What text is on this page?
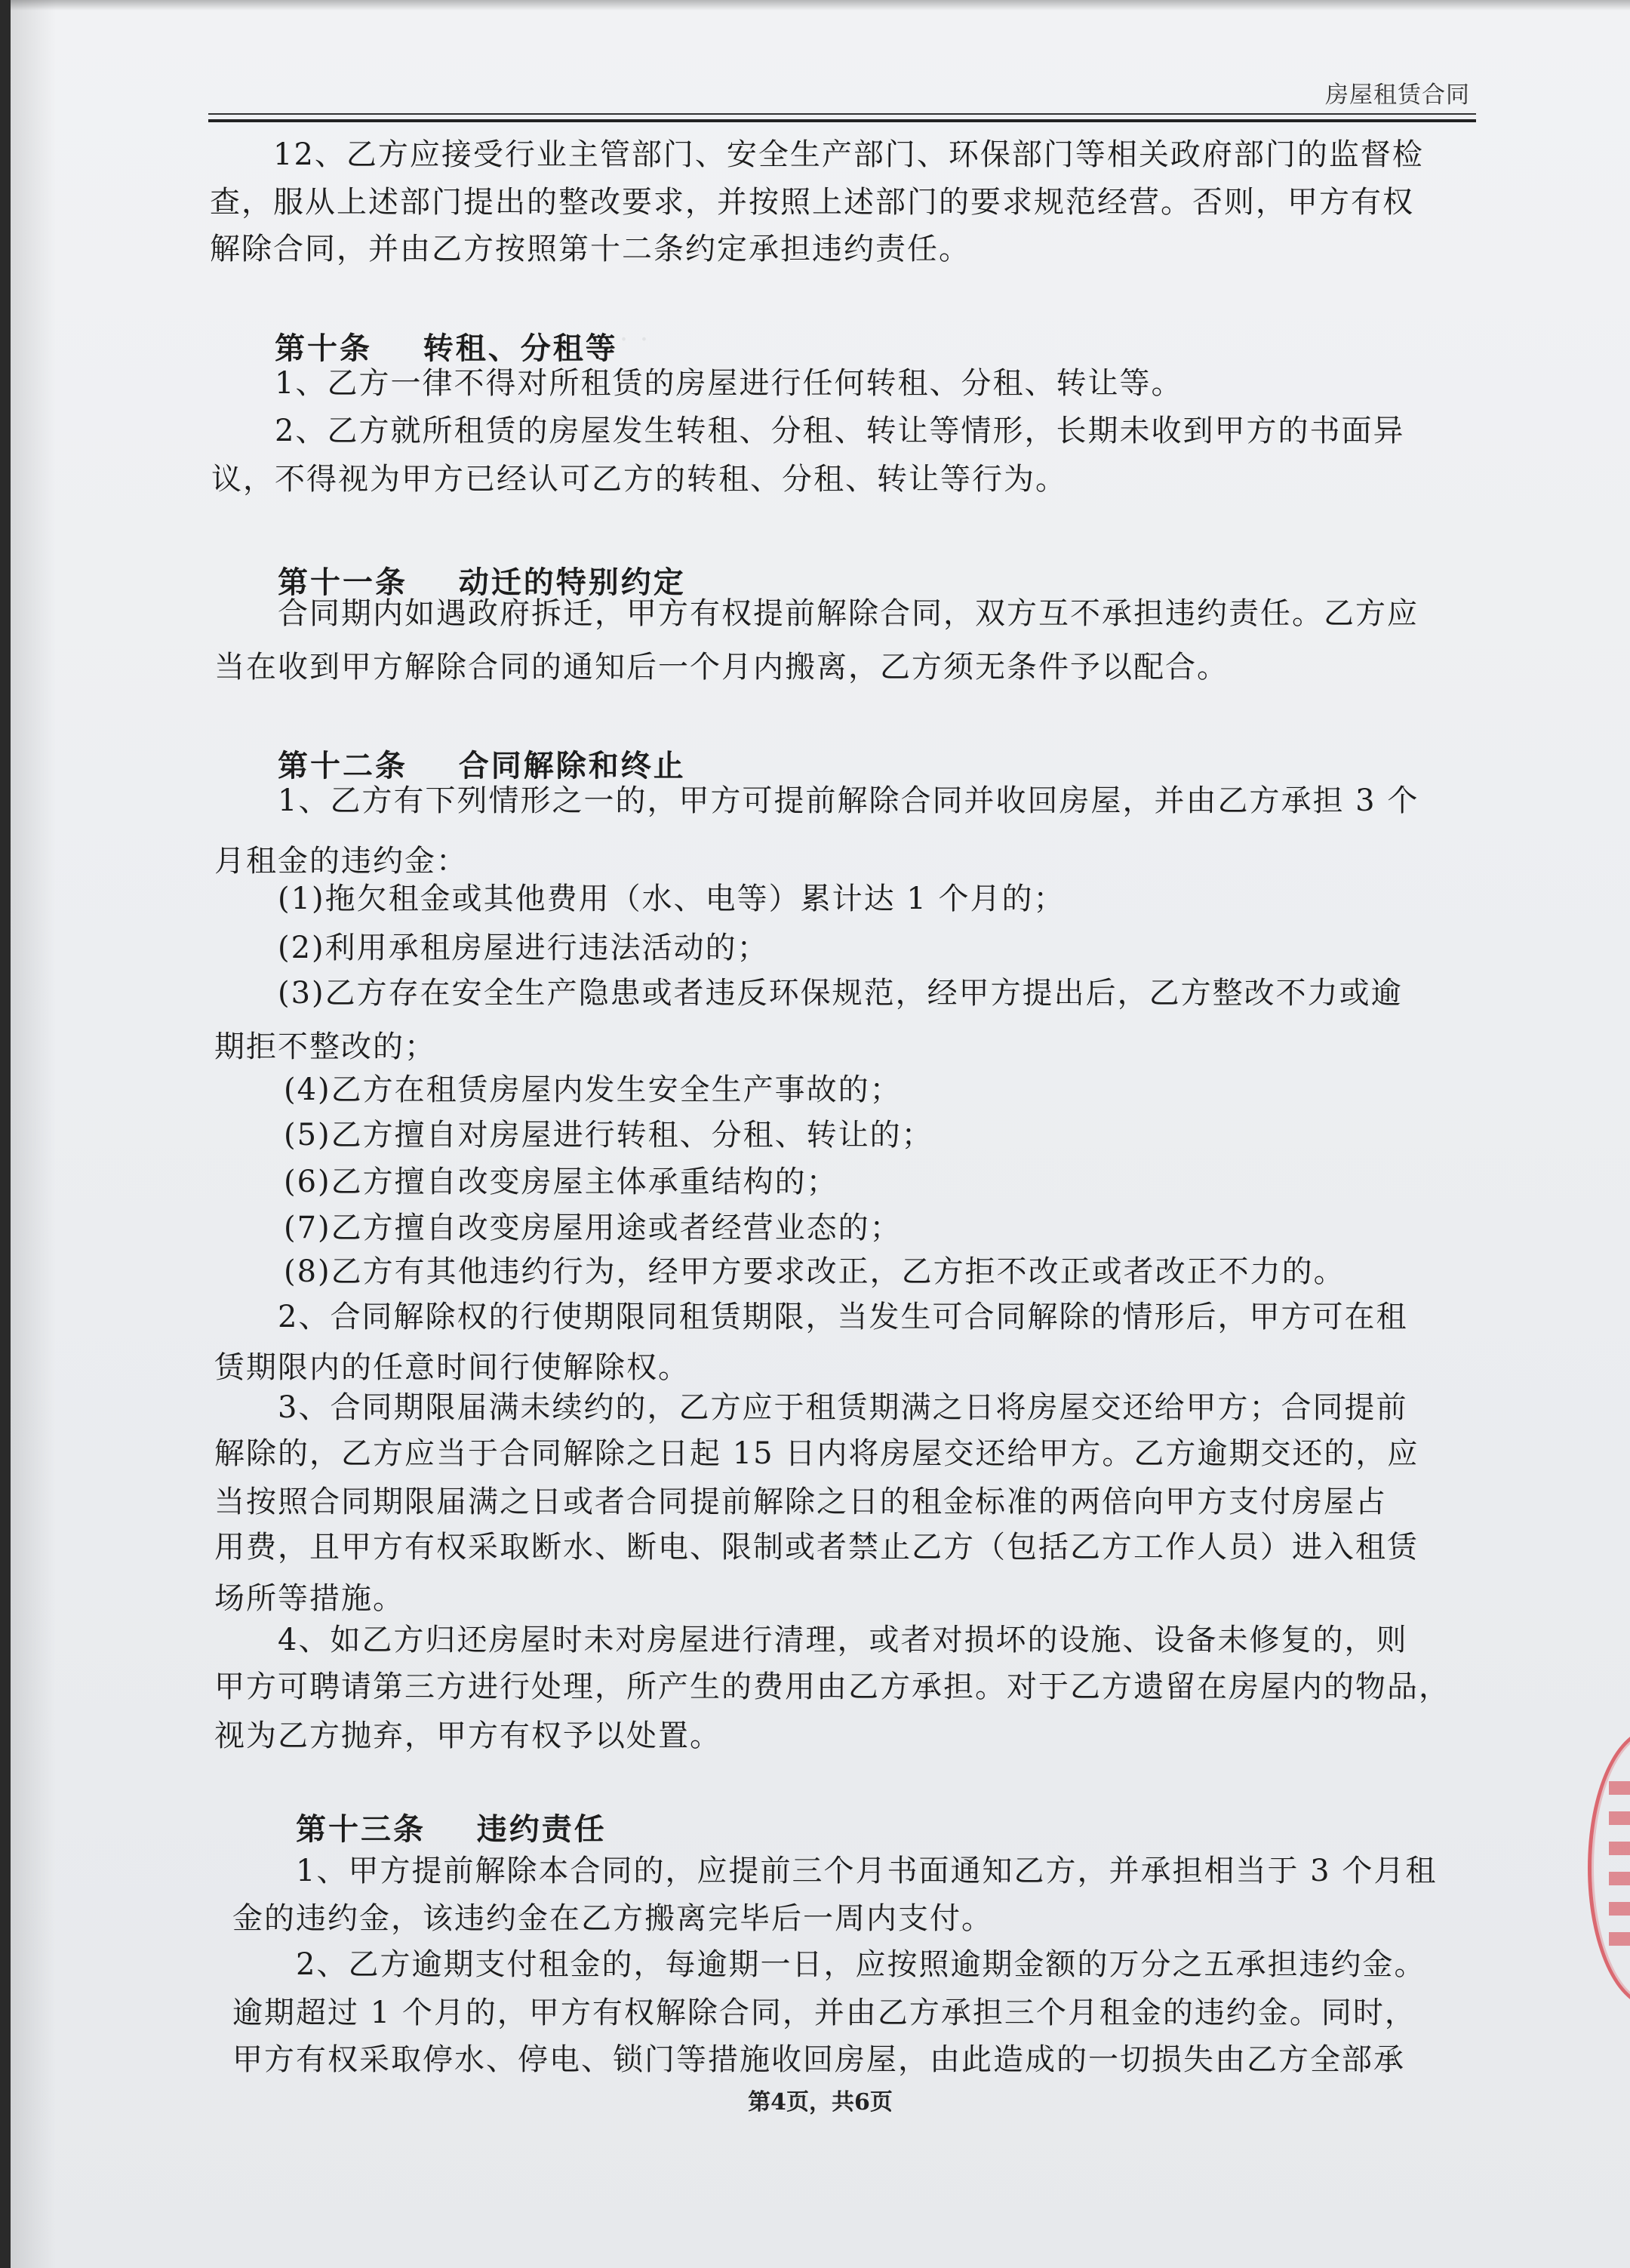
· · ·
房屋租赁合同
12、乙方应接受行业主管部门、安全生产部门、环保部门等相关政府部门的监督检
查，服从上述部门提出的整改要求，并按照上述部门的要求规范经营。否则，甲方有权
解除合同，并由乙方按照第十二条约定承担违约责任。
第十条    转租、分租等
1、乙方一律不得对所租赁的房屋进行任何转租、分租、转让等。
2、乙方就所租赁的房屋发生转租、分租、转让等情形，长期未收到甲方的书面异
议，不得视为甲方已经认可乙方的转租、分租、转让等行为。
第十一条    动迁的特别约定
合同期内如遇政府拆迁，甲方有权提前解除合同，双方互不承担违约责任。乙方应
当在收到甲方解除合同的通知后一个月内搬离，乙方须无条件予以配合。
第十二条    合同解除和终止
1、乙方有下列情形之一的，甲方可提前解除合同并收回房屋，并由乙方承担 3 个
月租金的违约金：
(1)拖欠租金或其他费用（水、电等）累计达 1 个月的；
(2)利用承租房屋进行违法活动的；
(3)乙方存在安全生产隐患或者违反环保规范，经甲方提出后，乙方整改不力或逾
期拒不整改的；
(4)乙方在租赁房屋内发生安全生产事故的；
(5)乙方擅自对房屋进行转租、分租、转让的；
(6)乙方擅自改变房屋主体承重结构的；
(7)乙方擅自改变房屋用途或者经营业态的；
(8)乙方有其他违约行为，经甲方要求改正，乙方拒不改正或者改正不力的。
2、合同解除权的行使期限同租赁期限，当发生可合同解除的情形后，甲方可在租
赁期限内的任意时间行使解除权。
3、合同期限届满未续约的，乙方应于租赁期满之日将房屋交还给甲方；合同提前
解除的，乙方应当于合同解除之日起 15 日内将房屋交还给甲方。乙方逾期交还的，应
当按照合同期限届满之日或者合同提前解除之日的租金标准的两倍向甲方支付房屋占
用费，且甲方有权采取断水、断电、限制或者禁止乙方（包括乙方工作人员）进入租赁
场所等措施。
4、如乙方归还房屋时未对房屋进行清理，或者对损坏的设施、设备未修复的，则
甲方可聘请第三方进行处理，所产生的费用由乙方承担。对于乙方遗留在房屋内的物品，
视为乙方抛弃，甲方有权予以处置。
第十三条    违约责任
1、甲方提前解除本合同的，应提前三个月书面通知乙方，并承担相当于 3 个月租
金的违约金，该违约金在乙方搬离完毕后一周内支付。
2、乙方逾期支付租金的，每逾期一日，应按照逾期金额的万分之五承担违约金。
逾期超过 1 个月的，甲方有权解除合同，并由乙方承担三个月租金的违约金。同时，
甲方有权采取停水、停电、锁门等措施收回房屋，由此造成的一切损失由乙方全部承
第4页，共6页
